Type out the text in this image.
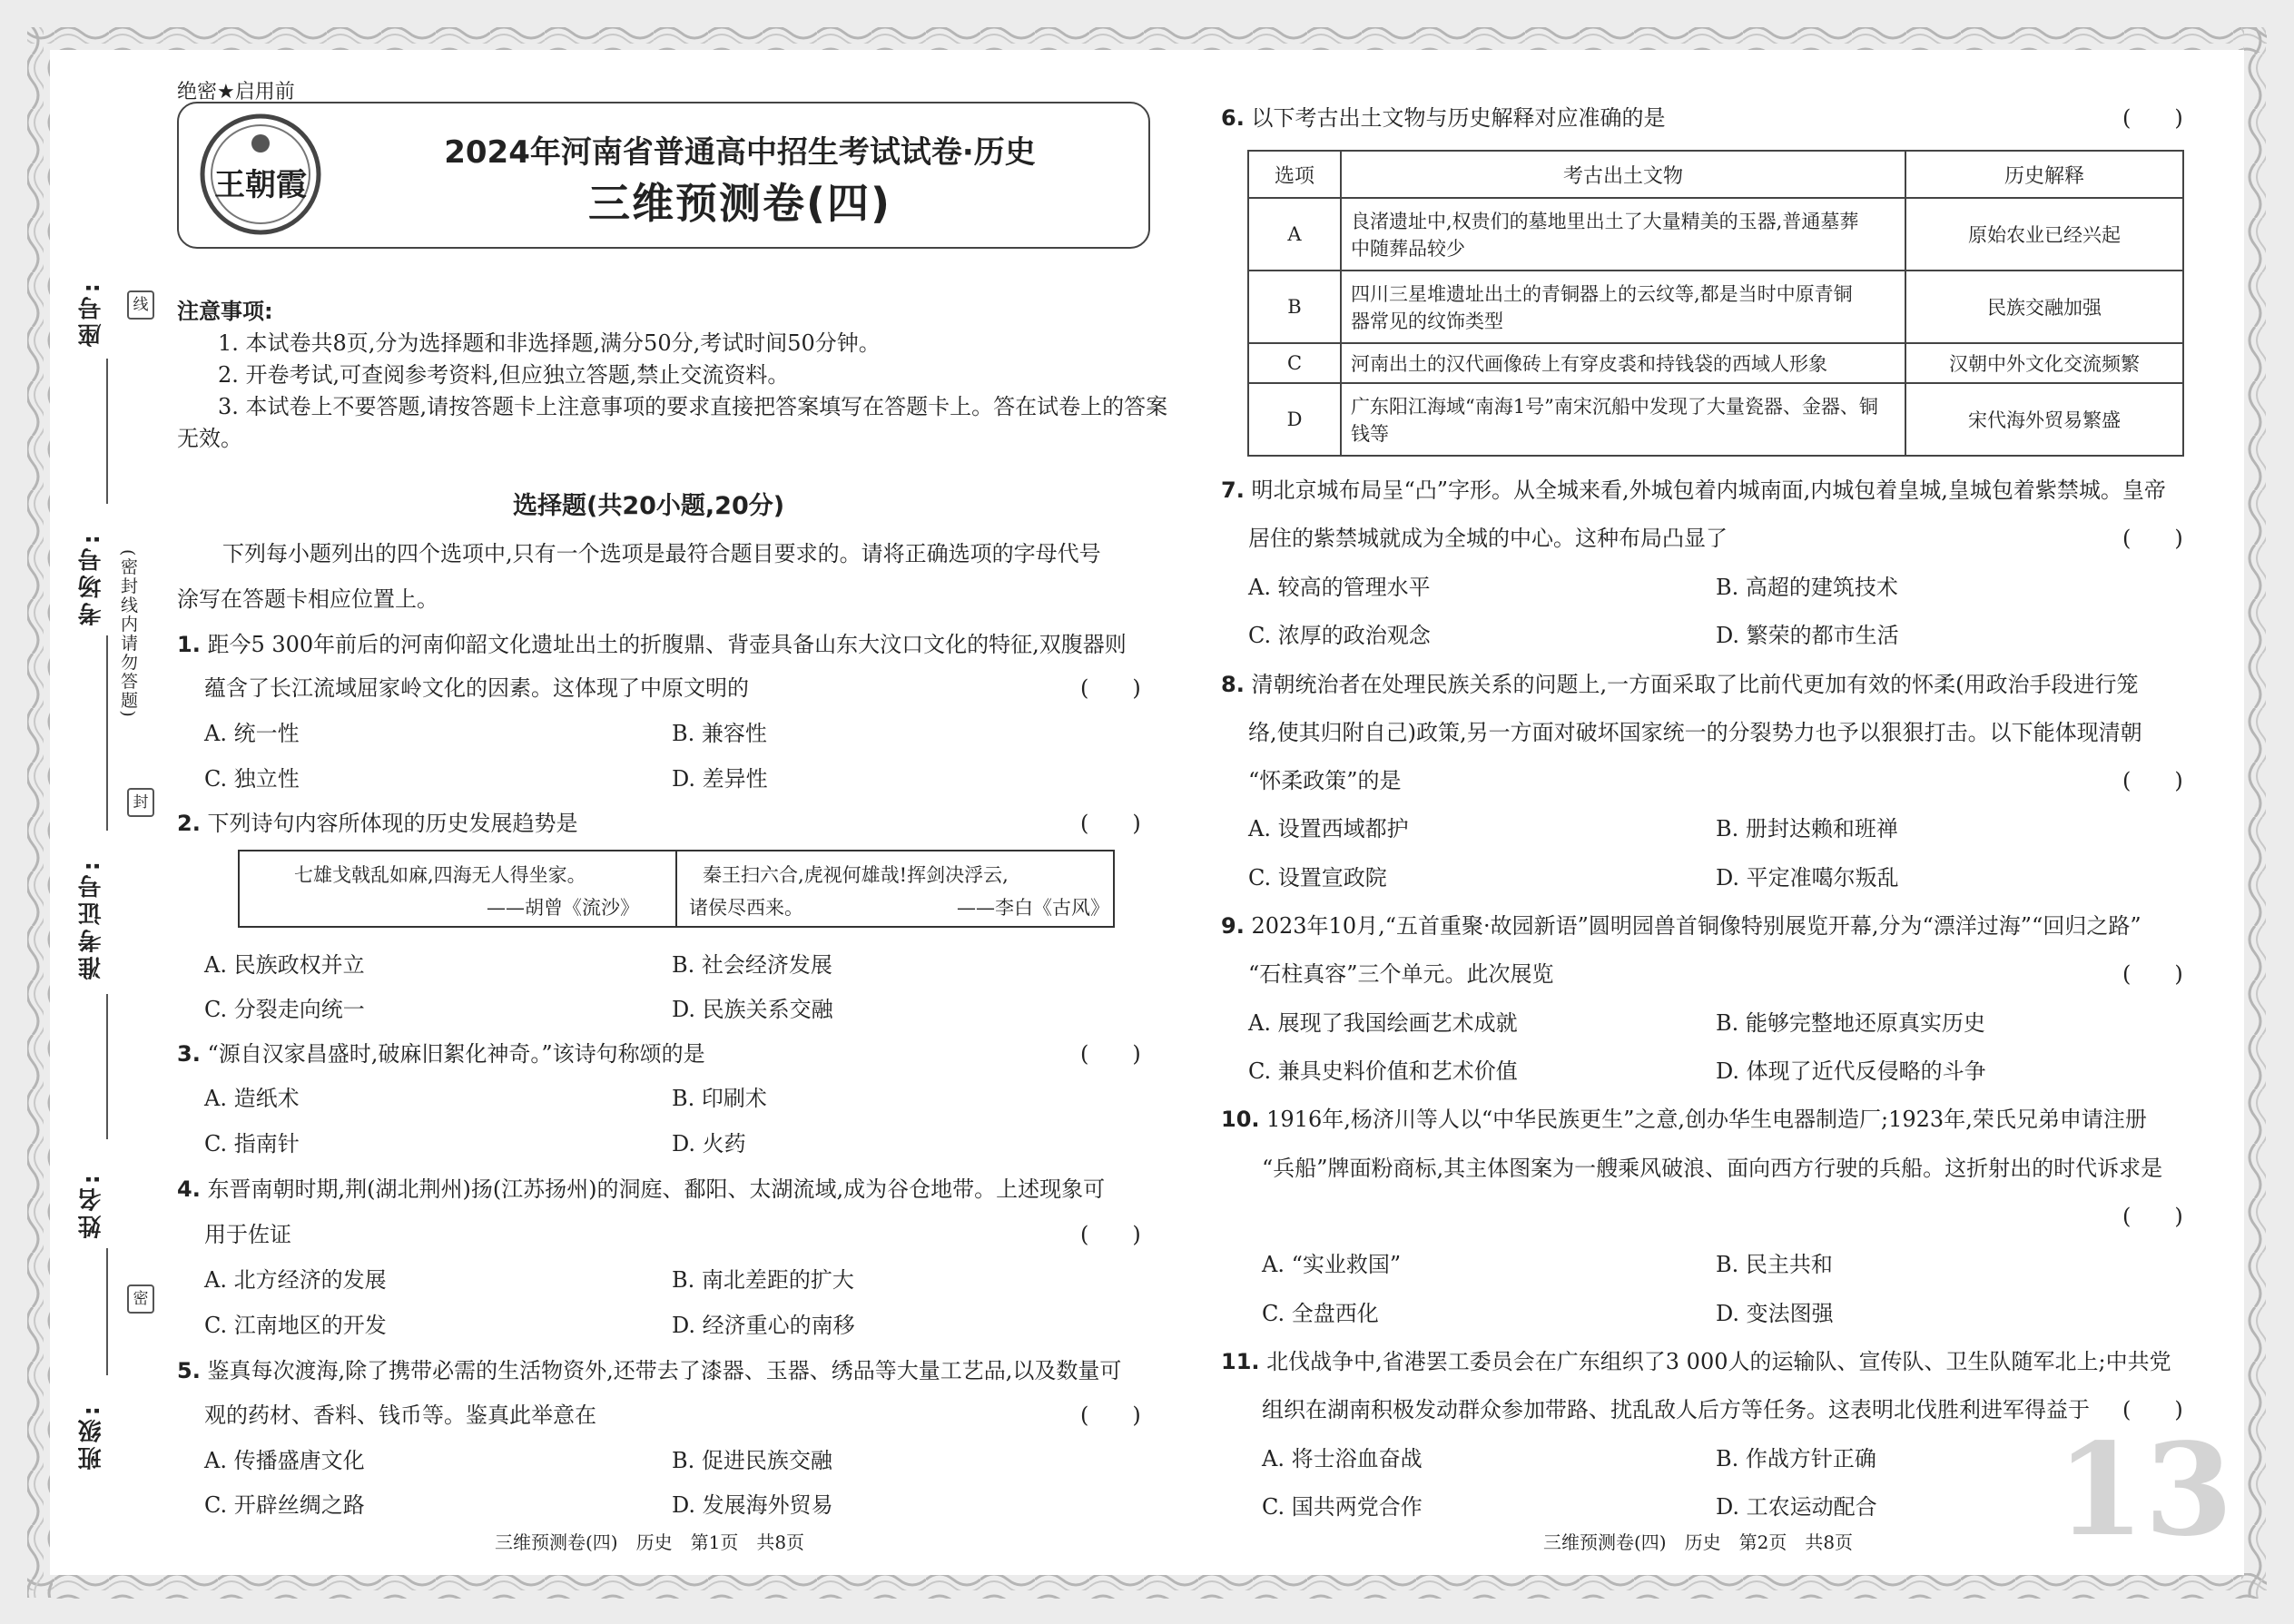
座号:
考场号:
准考证号:
姓名:
班级:
线
封
密
(密封线内请勿答题)
绝密★启用前
王朝霞
2024年河南省普通高中招生考试试卷·历史
三维预测卷(四)
注意事项:
1. 本试卷共8页,分为选择题和非选择题,满分50分,考试时间50分钟。
2. 开卷考试,可查阅参考资料,但应独立答题,禁止交流资料。
3. 本试卷上不要答题,请按答题卡上注意事项的要求直接把答案填写在答题卡上。答在试卷上的答案
无效。
选择题(共20小题,20分)
下列每小题列出的四个选项中,只有一个选项是最符合题目要求的。请将正确选项的字母代号
涂写在答题卡相应位置上。
1. 距今5 300年前后的河南仰韶文化遗址出土的折腹鼎、背壶具备山东大汶口文化的特征,双腹器则
蕴含了长江流域屈家岭文化的因素。这体现了中原文明的	(　　)
A. 统一性	B. 兼容性
C. 独立性	D. 差异性
2. 下列诗句内容所体现的历史发展趋势是	(　　)
七雄戈戟乱如麻,四海无人得坐家。
——胡曾《流沙》
秦王扫六合,虎视何雄哉!挥剑决浮云,
诸侯尽西来。	——李白《古风》
A. 民族政权并立	B. 社会经济发展
C. 分裂走向统一	D. 民族关系交融
3. “源自汉家昌盛时,破麻旧絮化神奇。”该诗句称颂的是	(　　)
A. 造纸术	B. 印刷术
C. 指南针	D. 火药
4. 东晋南朝时期,荆(湖北荆州)扬(江苏扬州)的洞庭、鄱阳、太湖流域,成为谷仓地带。上述现象可
用于佐证	(　　)
A. 北方经济的发展	B. 南北差距的扩大
C. 江南地区的开发	D. 经济重心的南移
5. 鉴真每次渡海,除了携带必需的生活物资外,还带去了漆器、玉器、绣品等大量工艺品,以及数量可
观的药材、香料、钱币等。鉴真此举意在	(　　)
A. 传播盛唐文化	B. 促进民族交融
C. 开辟丝绸之路	D. 发展海外贸易
三维预测卷(四)　历史　第1页　共8页
6. 以下考古出土文物与历史解释对应准确的是	(　　)
选项	考古出土文物	历史解释
A	良渚遗址中,权贵们的墓地里出土了大量精美的玉器,普通墓葬
中随葬品较少	原始农业已经兴起
B	四川三星堆遗址出土的青铜器上的云纹等,都是当时中原青铜
器常见的纹饰类型	民族交融加强
C	河南出土的汉代画像砖上有穿皮裘和持钱袋的西域人形象	汉朝中外文化交流频繁
D	广东阳江海域“南海1号”南宋沉船中发现了大量瓷器、金器、铜
钱等	宋代海外贸易繁盛
7. 明北京城布局呈“凸”字形。从全城来看,外城包着内城南面,内城包着皇城,皇城包着紫禁城。皇帝
居住的紫禁城就成为全城的中心。这种布局凸显了	(　　)
A. 较高的管理水平	B. 高超的建筑技术
C. 浓厚的政治观念	D. 繁荣的都市生活
8. 清朝统治者在处理民族关系的问题上,一方面采取了比前代更加有效的怀柔(用政治手段进行笼
络,使其归附自己)政策,另一方面对破坏国家统一的分裂势力也予以狠狠打击。以下能体现清朝
“怀柔政策”的是	(　　)
A. 设置西域都护	B. 册封达赖和班禅
C. 设置宣政院	D. 平定准噶尔叛乱
9. 2023年10月,“五首重聚·故园新语”圆明园兽首铜像特别展览开幕,分为“漂洋过海”“回归之路”
“石柱真容”三个单元。此次展览	(　　)
A. 展现了我国绘画艺术成就	B. 能够完整地还原真实历史
C. 兼具史料价值和艺术价值	D. 体现了近代反侵略的斗争
10. 1916年,杨济川等人以“中华民族更生”之意,创办华生电器制造厂;1923年,荣氏兄弟申请注册
“兵船”牌面粉商标,其主体图案为一艘乘风破浪、面向西方行驶的兵船。这折射出的时代诉求是
(　　)
A. “实业救国”	B. 民主共和
C. 全盘西化	D. 变法图强
11. 北伐战争中,省港罢工委员会在广东组织了3 000人的运输队、宣传队、卫生队随军北上;中共党
组织在湖南积极发动群众参加带路、扰乱敌人后方等任务。这表明北伐胜利进军得益于 (　　)
A. 将士浴血奋战	B. 作战方针正确
C. 国共两党合作	D. 工农运动配合 13
三维预测卷(四)　历史　第2页　共8页
